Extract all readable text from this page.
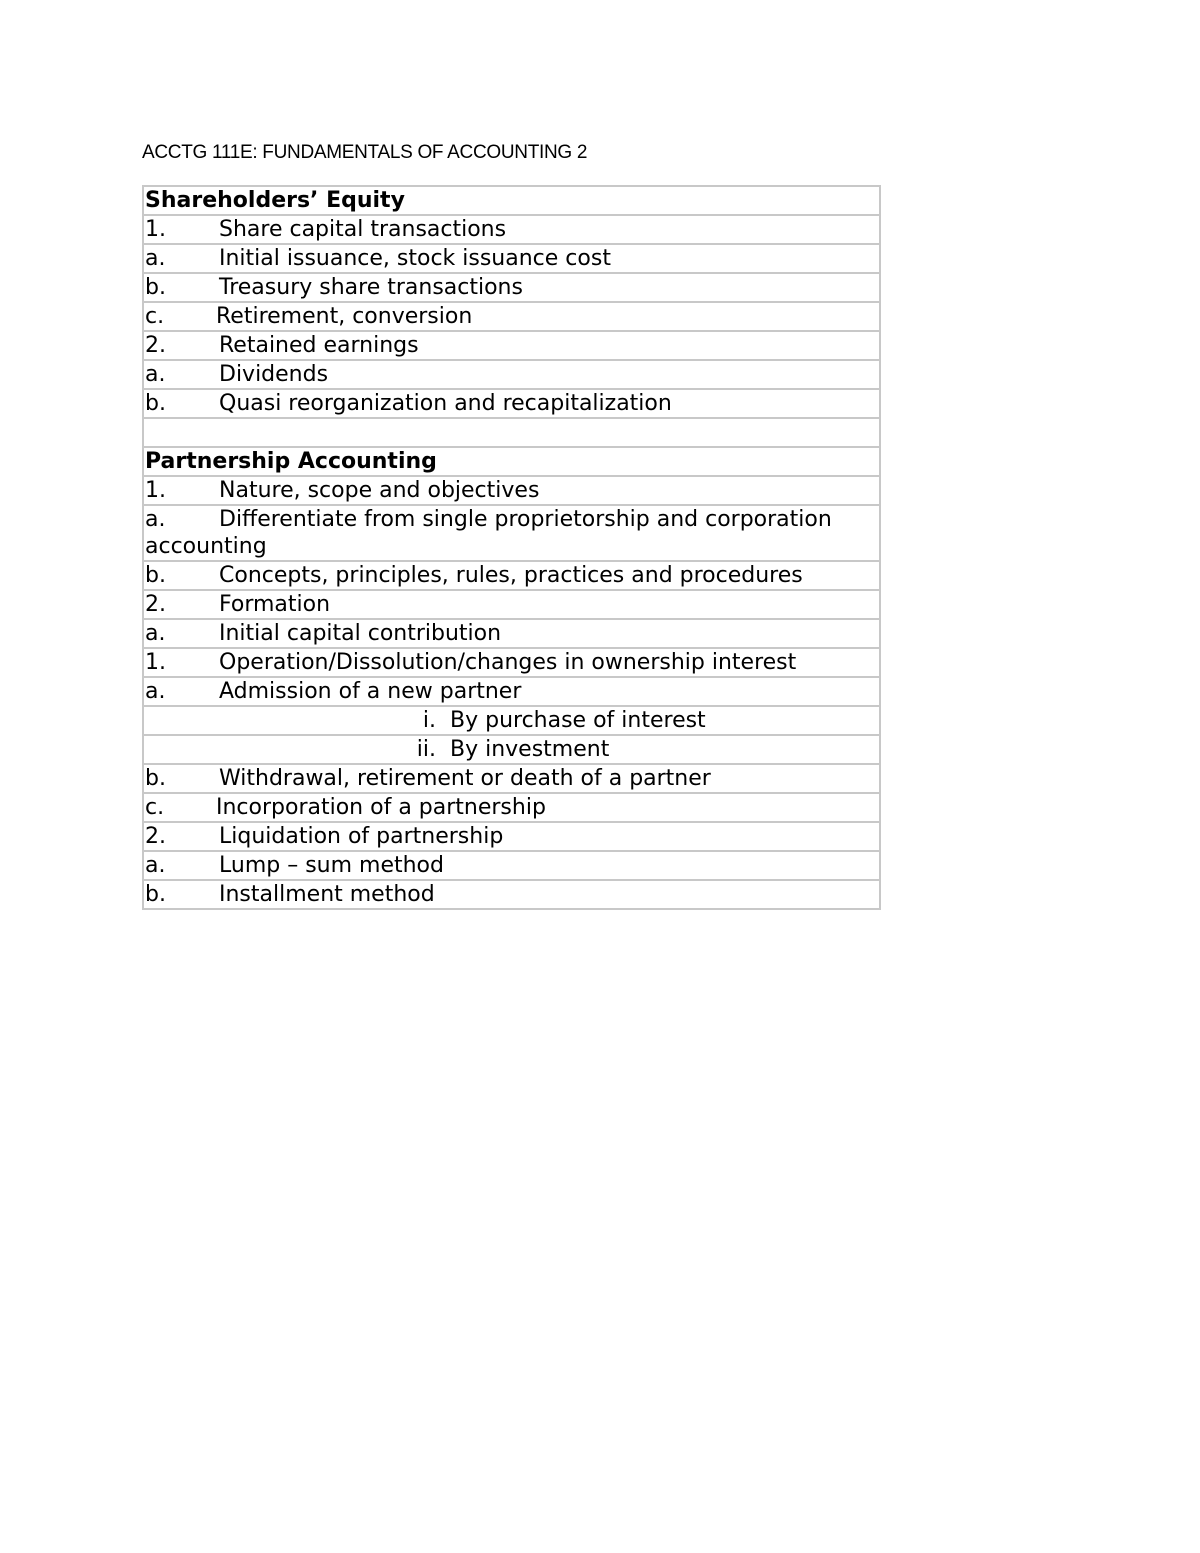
ACCTG 111E: FUNDAMENTALS OF ACCOUNTING 2
Shareholders’ Equity
1. Share capital transactions
a. Initial issuance, stock issuance cost
b. Treasury share transactions
c. Retirement, conversion
2. Retained earnings
a. Dividends
b. Quasi reorganization and recapitalization
Partnership Accounting
1. Nature, scope and objectives
a. Differentiate from single proprietorship and corporation accounting
b. Concepts, principles, rules, practices and procedures
2. Formation
a. Initial capital contribution
1. Operation/Dissolution/changes in ownership interest
a. Admission of a new partner
i. By purchase of interest
ii. By investment
b. Withdrawal, retirement or death of a partner
c. Incorporation of a partnership
2. Liquidation of partnership
a. Lump – sum method
b. Installment method
